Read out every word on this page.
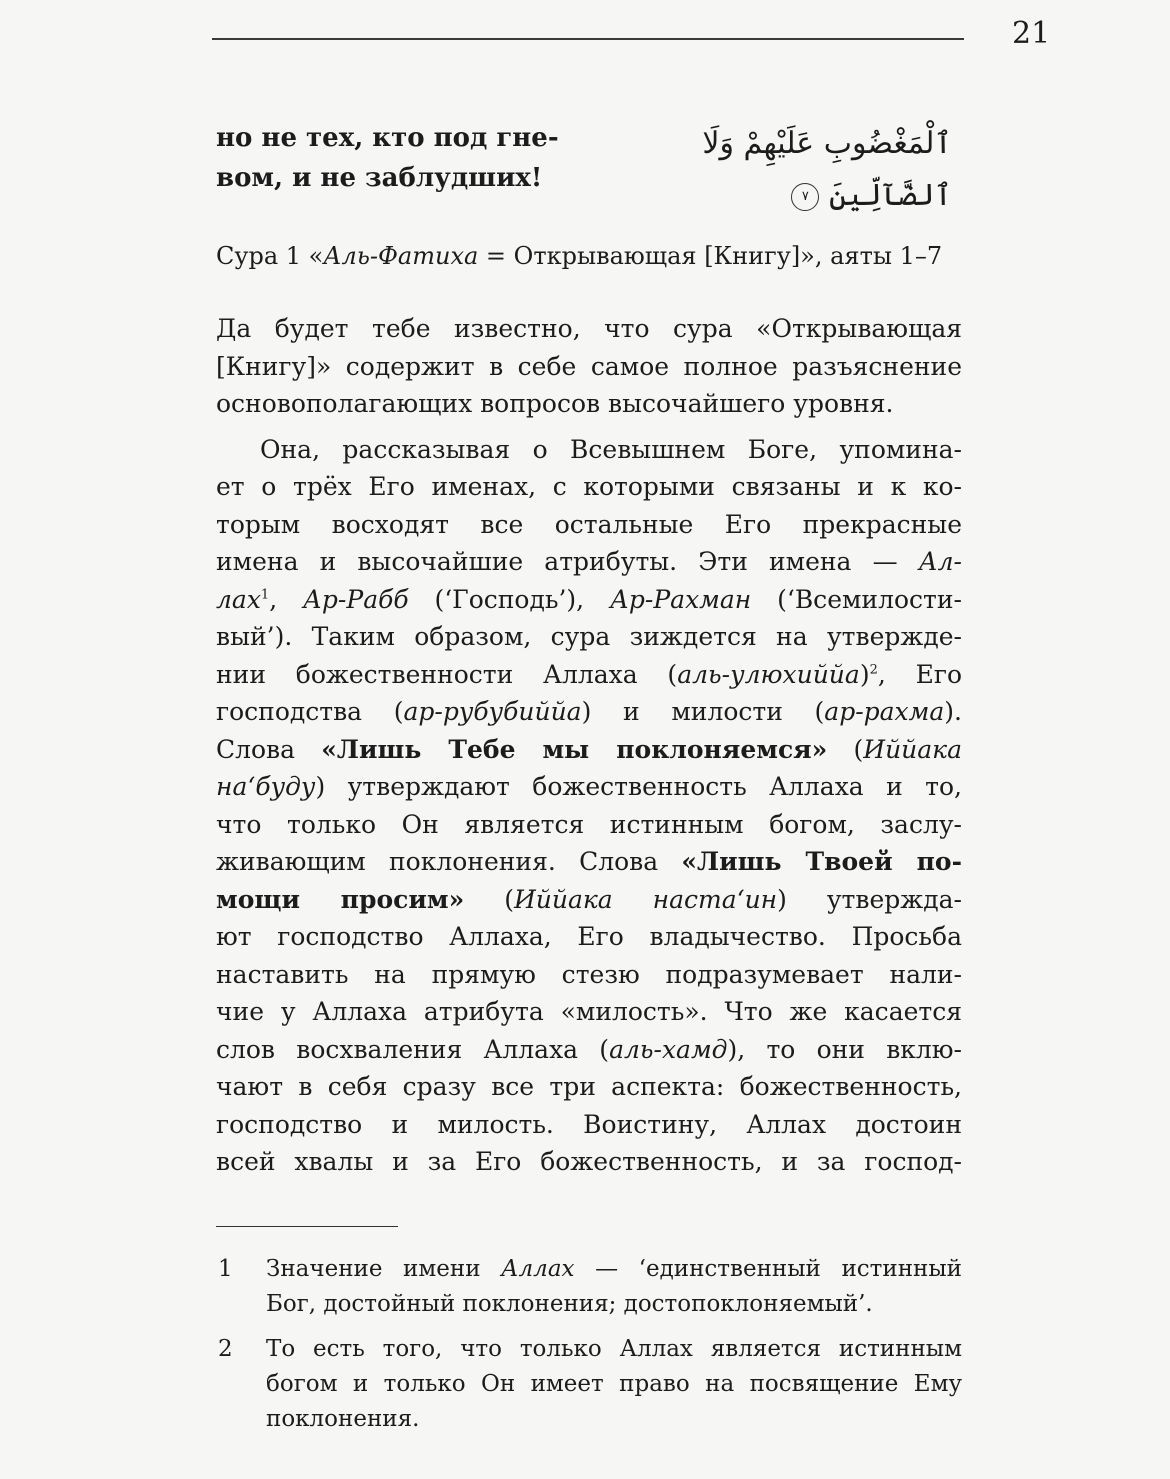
21
но не тех, кто под гне-
вом, и не заблудших!
ٱلْمَغْضُوبِ عَلَيْهِمْ وَلَا
ٱلضَّآلِّينَ ٧
Сура 1 «Аль-Фатиха = Открывающая [Книгу]», аяты 1–7
Да будет тебе известно, что сура «Открывающая
[Книгу]» содержит в себе самое полное разъяснение
основополагающих вопросов высочайшего уровня.
Она, рассказывая о Всевышнем Боге, упомина-
ет о трёх Его именах, с которыми связаны и к ко-
торым восходят все остальные Его прекрасные
имена и высочайшие атрибуты. Эти имена — Ал-
лах$^1$, Ар-Рабб (‘Господь’), Ар-Рахман (‘Всемилости-
вый’). Таким образом, сура зиждется на утвержде-
нии божественности Аллаха (аль-улюхиййа)$^2$, Его
господства (ар-рубубиййа) и милости (ар-рахма).
Слова «Лишь Тебе мы поклоняемся» (Иййака
на‘буду) утверждают божественность Аллаха и то,
что только Он является истинным богом, заслу-
живающим поклонения. Слова «Лишь Твоей по-
мощи просим» (Иййака наста‘ин) утвержда-
ют господство Аллаха, Его владычество. Просьба
наставить на прямую стезю подразумевает нали-
чие у Аллаха атрибута «милость». Что же касается
слов восхваления Аллаха (аль-хамд), то они вклю-
чают в себя сразу все три аспекта: божественность,
господство и милость. Воистину, Аллах достоин
всей хвалы и за Его божественность, и за господ-
1 Значение имени Аллах — ‘единственный истинный
Бог, достойный поклонения; достопоклоняемый’.
2 То есть того, что только Аллах является истинным
богом и только Он имеет право на посвящение Ему
поклонения.
